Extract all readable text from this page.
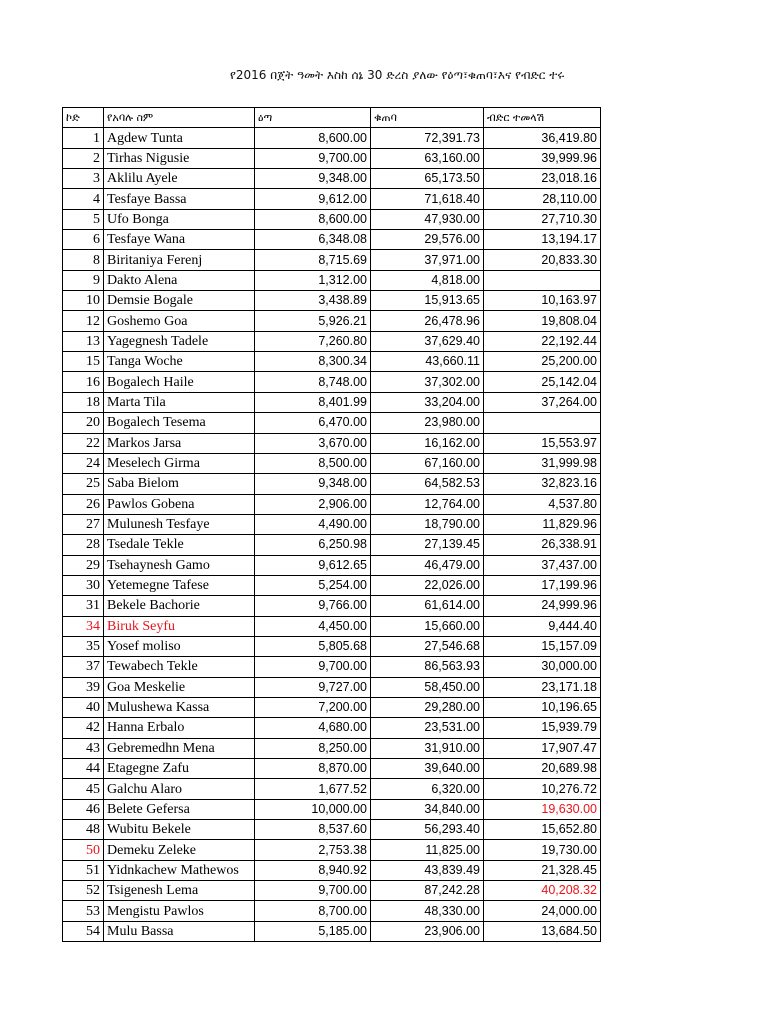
የ2016 በጀት ዓመት እስከ ሰኔ 30 ድረስ ያለው የዕጣ፣ቁጠባ፣እና የብድር ተሩ
ኮድ	የአባሉ ስም	ዕጣ	ቁጠባ	ብድር ተመላሽ
1	Agdew Tunta	8,600.00	72,391.73	36,419.80
2	Tirhas Nigusie	9,700.00	63,160.00	39,999.96
3	Aklilu Ayele	9,348.00	65,173.50	23,018.16
4	Tesfaye Bassa	9,612.00	71,618.40	28,110.00
5	Ufo Bonga	8,600.00	47,930.00	27,710.30
6	Tesfaye Wana	6,348.08	29,576.00	13,194.17
8	Biritaniya Ferenj	8,715.69	37,971.00	20,833.30
9	Dakto Alena	1,312.00	4,818.00	
10	Demsie Bogale	3,438.89	15,913.65	10,163.97
12	Goshemo Goa	5,926.21	26,478.96	19,808.04
13	Yagegnesh Tadele	7,260.80	37,629.40	22,192.44
15	Tanga Woche	8,300.34	43,660.11	25,200.00
16	Bogalech Haile	8,748.00	37,302.00	25,142.04
18	Marta Tila	8,401.99	33,204.00	37,264.00
20	Bogalech Tesema	6,470.00	23,980.00	
22	Markos Jarsa	3,670.00	16,162.00	15,553.97
24	Meselech Girma	8,500.00	67,160.00	31,999.98
25	Saba Bielom	9,348.00	64,582.53	32,823.16
26	Pawlos Gobena	2,906.00	12,764.00	4,537.80
27	Mulunesh Tesfaye	4,490.00	18,790.00	11,829.96
28	Tsedale Tekle	6,250.98	27,139.45	26,338.91
29	Tsehaynesh Gamo	9,612.65	46,479.00	37,437.00
30	Yetemegne Tafese	5,254.00	22,026.00	17,199.96
31	Bekele Bachorie	9,766.00	61,614.00	24,999.96
34	Biruk Seyfu	4,450.00	15,660.00	9,444.40
35	Yosef moliso	5,805.68	27,546.68	15,157.09
37	Tewabech Tekle	9,700.00	86,563.93	30,000.00
39	Goa Meskelie	9,727.00	58,450.00	23,171.18
40	Mulushewa Kassa	7,200.00	29,280.00	10,196.65
42	Hanna Erbalo	4,680.00	23,531.00	15,939.79
43	Gebremedhn Mena	8,250.00	31,910.00	17,907.47
44	Etagegne Zafu	8,870.00	39,640.00	20,689.98
45	Galchu Alaro	1,677.52	6,320.00	10,276.72
46	Belete Gefersa	10,000.00	34,840.00	19,630.00
48	Wubitu Bekele	8,537.60	56,293.40	15,652.80
50	Demeku Zeleke	2,753.38	11,825.00	19,730.00
51	Yidnkachew Mathewos	8,940.92	43,839.49	21,328.45
52	Tsigenesh Lema	9,700.00	87,242.28	40,208.32
53	Mengistu Pawlos	8,700.00	48,330.00	24,000.00
54	Mulu Bassa	5,185.00	23,906.00	13,684.50
